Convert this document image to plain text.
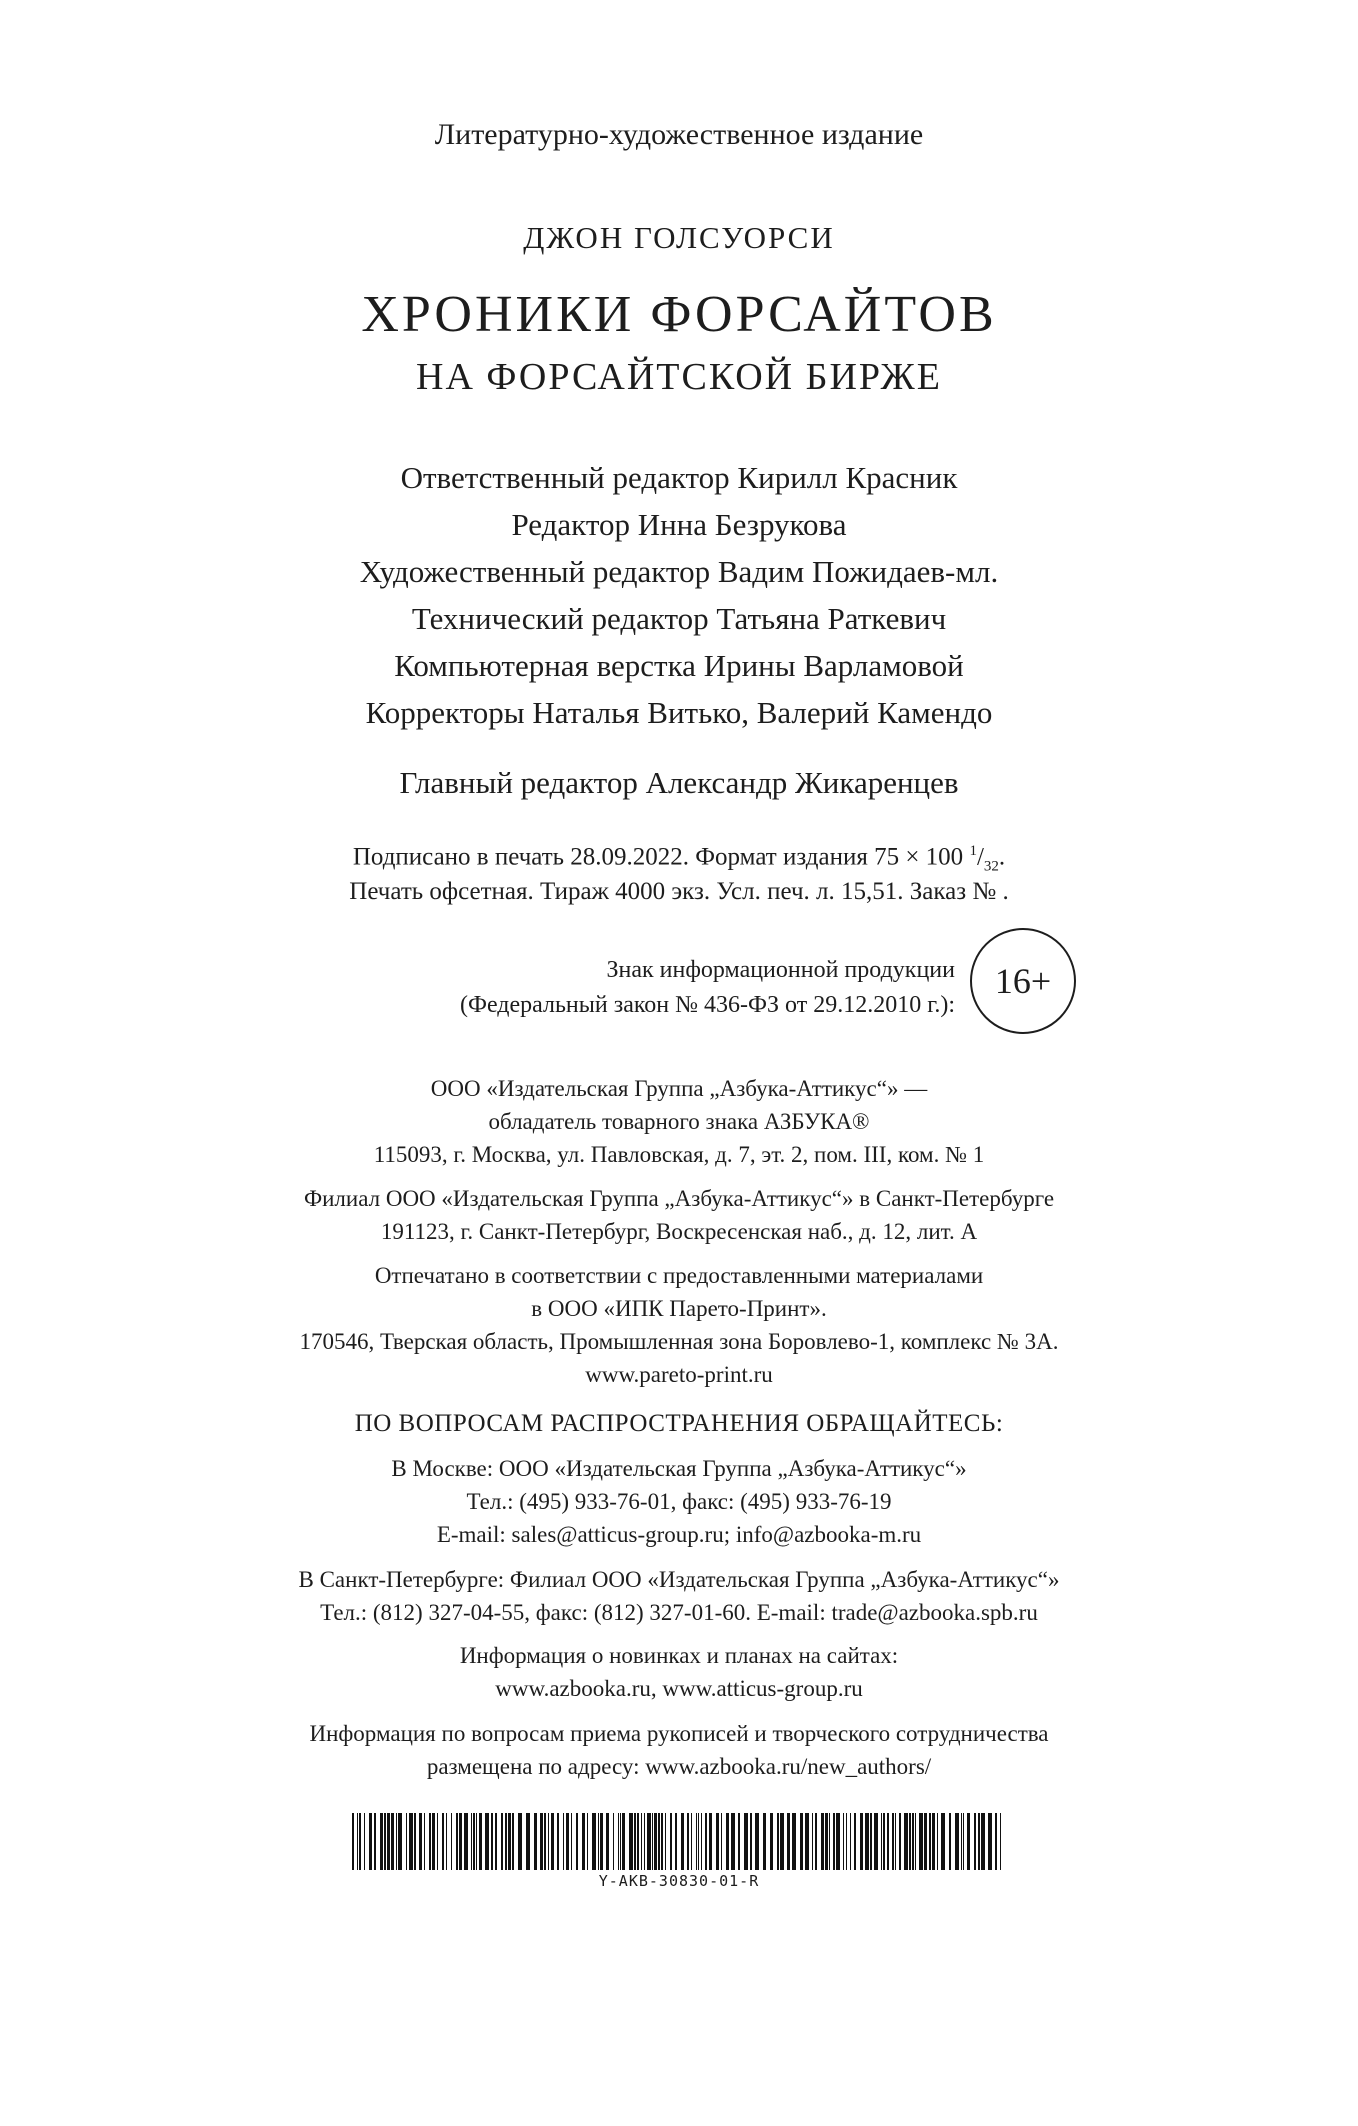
Литературно-художественное издание

ДЖОН ГОЛСУОРСИ

ХРОНИКИ ФОРСАЙТОВ

НА ФОРСАЙТСКОЙ БИРЖЕ

Ответственный редактор Кирилл Красник

Редактор Инна Безрукова

Художественный редактор Вадим Пожидаев-мл.

Технический редактор Татьяна Раткевич

Компьютерная верстка Ирины Варламовой

Корректоры Наталья Витько, Валерий Камендо

Главный редактор Александр Жикаренцев

Подписано в печать 28.09.2022. Формат издания 75 × 100 $^1/_{32}$.

Печать офсетная. Тираж 4000 экз. Усл. печ. л. 15,51. Заказ № .

Знак информационной продукции
(Федеральный закон № 436-ФЗ от 29.12.2010 г.):
16+

ООО «Издательская Группа „Азбука-Аттикус“» —

обладатель товарного знака АЗБУКА®

115093, г. Москва, ул. Павловская, д. 7, эт. 2, пом. III, ком. № 1

Филиал ООО «Издательская Группа „Азбука-Аттикус“» в Санкт-Петербурге

191123, г. Санкт-Петербург, Воскресенская наб., д. 12, лит. А

Отпечатано в соответствии с предоставленными материалами

в ООО «ИПК Парето-Принт».

170546, Тверская область, Промышленная зона Боровлево-1, комплекс № 3А.

www.pareto-print.ru

ПО ВОПРОСАМ РАСПРОСТРАНЕНИЯ ОБРАЩАЙТЕСЬ:

В Москве: ООО «Издательская Группа „Азбука-Аттикус“»

Тел.: (495) 933-76-01, факс: (495) 933-76-19

E-mail: sales@atticus-group.ru; info@azbooka-m.ru

В Санкт-Петербурге: Филиал ООО «Издательская Группа „Азбука-Аттикус“»

Тел.: (812) 327-04-55, факс: (812) 327-01-60. E-mail: trade@azbooka.spb.ru

Информация о новинках и планах на сайтах:

www.azbooka.ru, www.atticus-group.ru

Информация по вопросам приема рукописей и творческого сотрудничества

размещена по адресу: www.azbooka.ru/new_authors/

Y-AKB-30830-01-R
